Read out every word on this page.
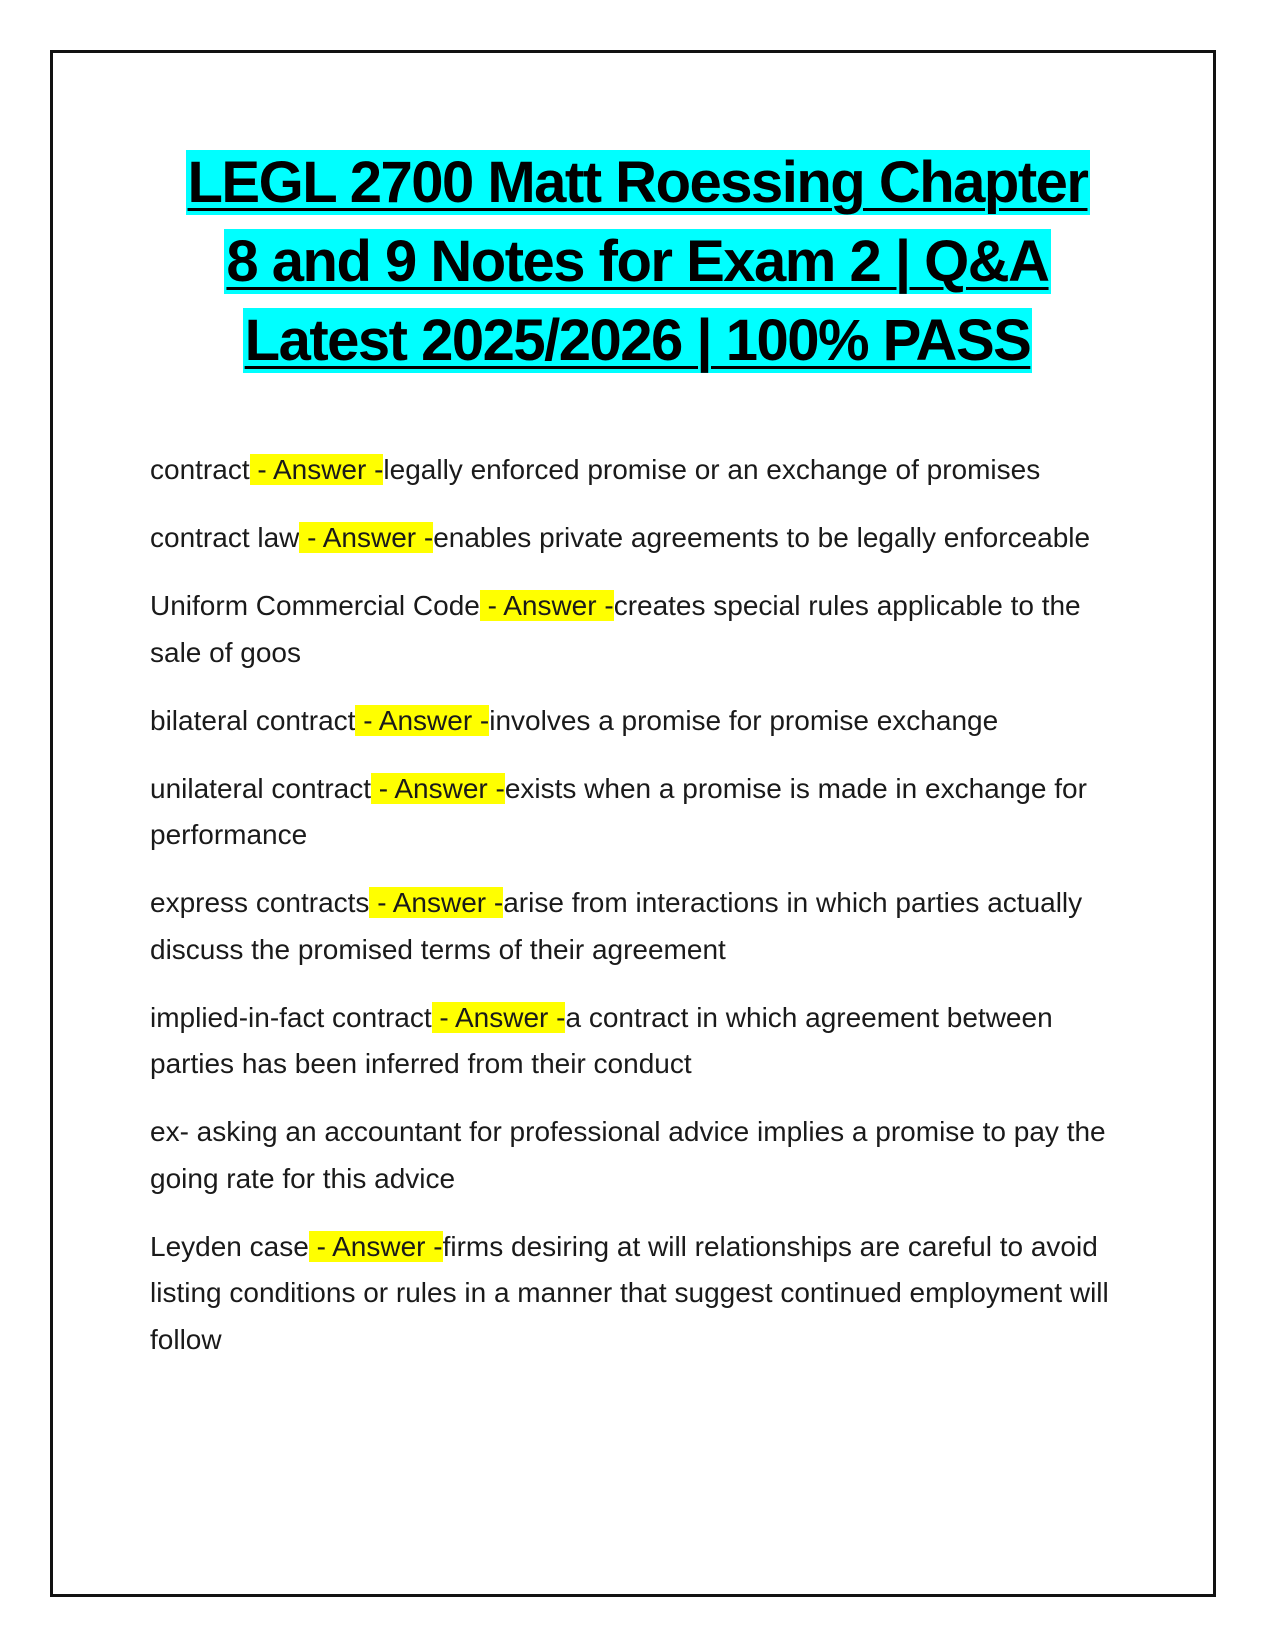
LEGL 2700 Matt Roessing Chapter
8 and 9 Notes for Exam 2 | Q&A
Latest 2025/2026 | 100% PASS
contract - Answer -legally enforced promise or an exchange of promises
contract law - Answer -enables private agreements to be legally enforceable
Uniform Commercial Code - Answer -creates special rules applicable to the sale of goos
bilateral contract - Answer -involves a promise for promise exchange
unilateral contract - Answer -exists when a promise is made in exchange for performance
express contracts - Answer -arise from interactions in which parties actually discuss the promised terms of their agreement
implied-in-fact contract - Answer -a contract in which agreement between parties has been inferred from their conduct
ex- asking an accountant for professional advice implies a promise to pay the going rate for this advice
Leyden case - Answer -firms desiring at will relationships are careful to avoid listing conditions or rules in a manner that suggest continued employment will follow
